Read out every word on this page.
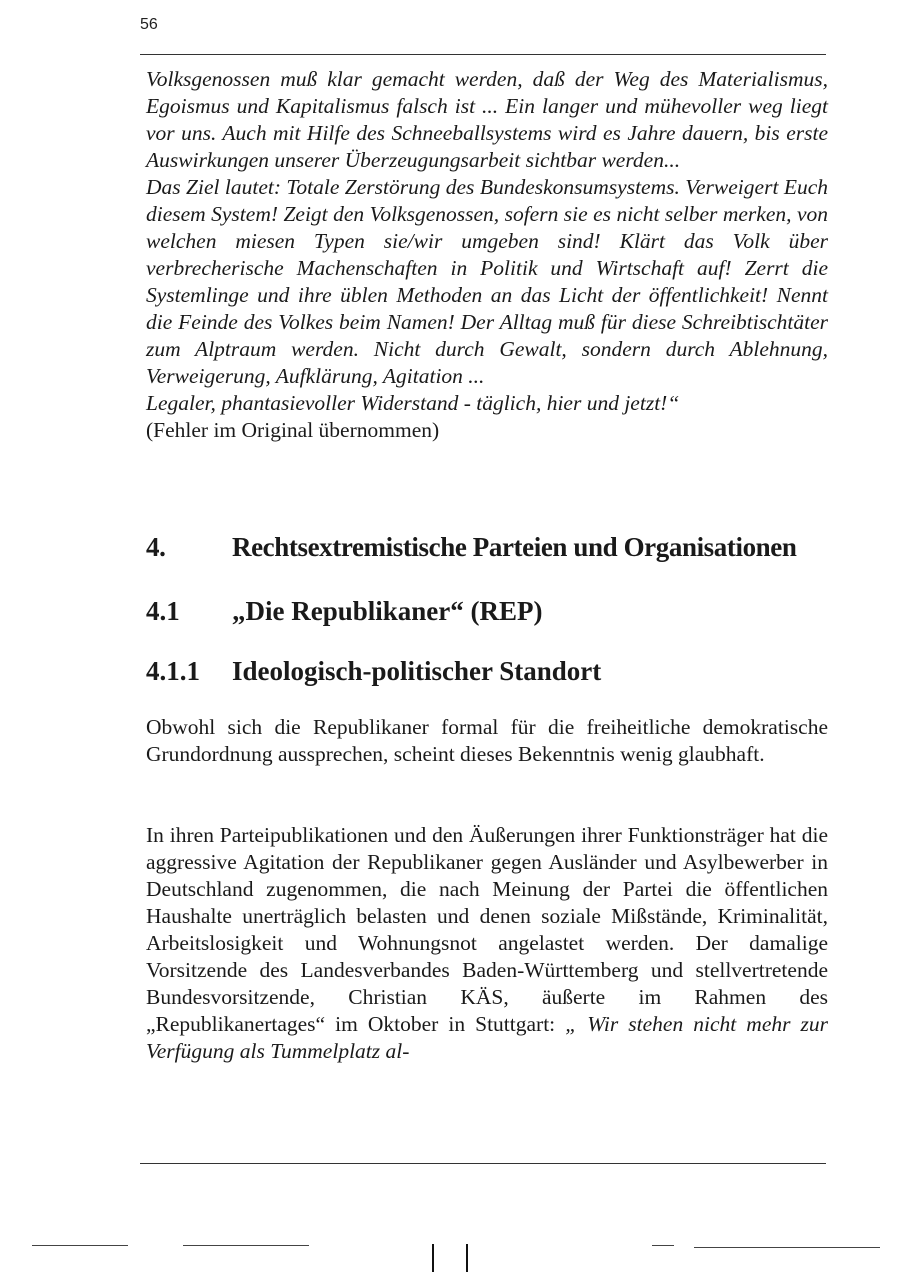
56

Volksgenossen muß klar gemacht werden, daß der Weg des Materialismus, Egoismus und Kapitalismus falsch ist ... Ein langer und mühevoller weg liegt vor uns. Auch mit Hilfe des Schneeballsystems wird es Jahre dauern, bis erste Auswirkungen unserer Überzeugungsarbeit sichtbar werden...

Das Ziel lautet: Totale Zerstörung des Bundeskonsumsystems. Verweigert Euch diesem System! Zeigt den Volksgenossen, sofern sie es nicht selber merken, von welchen miesen Typen sie/wir umgeben sind! Klärt das Volk über verbrecherische Machenschaften in Politik und Wirtschaft auf! Zerrt die Systemlinge und ihre üblen Methoden an das Licht der öffentlichkeit! Nennt die Feinde des Volkes beim Namen! Der Alltag muß für diese Schreibtischtäter zum Alptraum werden. Nicht durch Gewalt, sondern durch Ablehnung, Verweigerung, Aufklärung, Agitation ...

Legaler, phantasievoller Widerstand - täglich, hier und jetzt!“

(Fehler im Original übernommen)

4. Rechtsextremistische Parteien und Organisationen
4.1 „Die Republikaner“ (REP)
4.1.1 Ideologisch-politischer Standort

Obwohl sich die Republikaner formal für die freiheitliche demokratische Grundordnung aussprechen, scheint dieses Bekenntnis wenig glaubhaft.

In ihren Parteipublikationen und den Äußerungen ihrer Funktionsträger hat die aggressive Agitation der Republikaner gegen Ausländer und Asylbewerber in Deutschland zugenommen, die nach Meinung der Partei die öffentlichen Haushalte unerträglich belasten und denen soziale Mißstände, Kriminalität, Arbeitslosigkeit und Wohnungsnot angelastet werden. Der damalige Vorsitzende des Landesverbandes Baden-Württemberg und stellvertretende Bundesvorsitzende, Christian KÄS, äußerte im Rahmen des „Republikanertages“ im Oktober in Stuttgart: „ Wir stehen nicht mehr zur Verfügung als Tummelplatz al-
